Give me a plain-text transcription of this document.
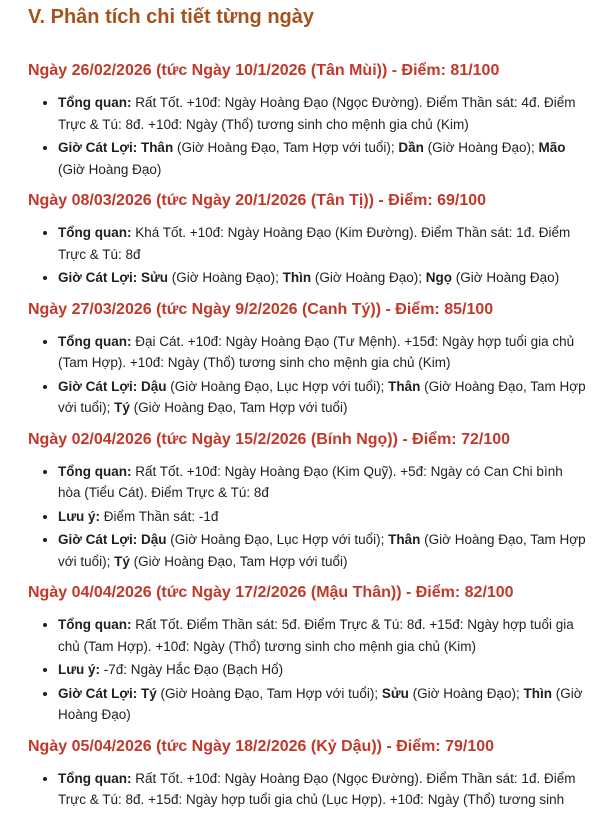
V. Phân tích chi tiết từng ngày
Ngày 26/02/2026 (tức Ngày 10/1/2026 (Tân Mùi)) - Điểm: 81/100
• Tổng quan: Rất Tốt. +10đ: Ngày Hoàng Đạo (Ngọc Đường). Điểm Thần sát: 4đ. Điểm Trực & Tú: 8đ. +10đ: Ngày (Thổ) tương sinh cho mệnh gia chủ (Kim)
• Giờ Cát Lợi: Thân (Giờ Hoàng Đạo, Tam Hợp với tuổi); Dần (Giờ Hoàng Đạo); Mão (Giờ Hoàng Đạo)
Ngày 08/03/2026 (tức Ngày 20/1/2026 (Tân Tị)) - Điểm: 69/100
• Tổng quan: Khá Tốt. +10đ: Ngày Hoàng Đạo (Kim Đường). Điểm Thần sát: 1đ. Điểm Trực & Tú: 8đ
• Giờ Cát Lợi: Sửu (Giờ Hoàng Đạo); Thìn (Giờ Hoàng Đạo); Ngọ (Giờ Hoàng Đạo)
Ngày 27/03/2026 (tức Ngày 9/2/2026 (Canh Tý)) - Điểm: 85/100
• Tổng quan: Đại Cát. +10đ: Ngày Hoàng Đạo (Tư Mệnh). +15đ: Ngày hợp tuổi gia chủ (Tam Hợp). +10đ: Ngày (Thổ) tương sinh cho mệnh gia chủ (Kim)
• Giờ Cát Lợi: Dậu (Giờ Hoàng Đạo, Lục Hợp với tuổi); Thân (Giờ Hoàng Đạo, Tam Hợp với tuổi); Tý (Giờ Hoàng Đạo, Tam Hợp với tuổi)
Ngày 02/04/2026 (tức Ngày 15/2/2026 (Bính Ngọ)) - Điểm: 72/100
• Tổng quan: Rất Tốt. +10đ: Ngày Hoàng Đạo (Kim Quỹ). +5đ: Ngày có Can Chi bình hòa (Tiểu Cát). Điểm Trực & Tú: 8đ
• Lưu ý: Điểm Thần sát: -1đ
• Giờ Cát Lợi: Dậu (Giờ Hoàng Đạo, Lục Hợp với tuổi); Thân (Giờ Hoàng Đạo, Tam Hợp với tuổi); Tý (Giờ Hoàng Đạo, Tam Hợp với tuổi)
Ngày 04/04/2026 (tức Ngày 17/2/2026 (Mậu Thân)) - Điểm: 82/100
• Tổng quan: Rất Tốt. Điểm Thần sát: 5đ. Điểm Trực & Tú: 8đ. +15đ: Ngày hợp tuổi gia chủ (Tam Hợp). +10đ: Ngày (Thổ) tương sinh cho mệnh gia chủ (Kim)
• Lưu ý: -7đ: Ngày Hắc Đạo (Bạch Hổ)
• Giờ Cát Lợi: Tý (Giờ Hoàng Đạo, Tam Hợp với tuổi); Sửu (Giờ Hoàng Đạo); Thìn (Giờ Hoàng Đạo)
Ngày 05/04/2026 (tức Ngày 18/2/2026 (Kỷ Dậu)) - Điểm: 79/100
• Tổng quan: Rất Tốt. +10đ: Ngày Hoàng Đạo (Ngọc Đường). Điểm Thần sát: 1đ. Điểm Trực & Tú: 8đ. +15đ: Ngày hợp tuổi gia chủ (Lục Hợp). +10đ: Ngày (Thổ) tương sinh
